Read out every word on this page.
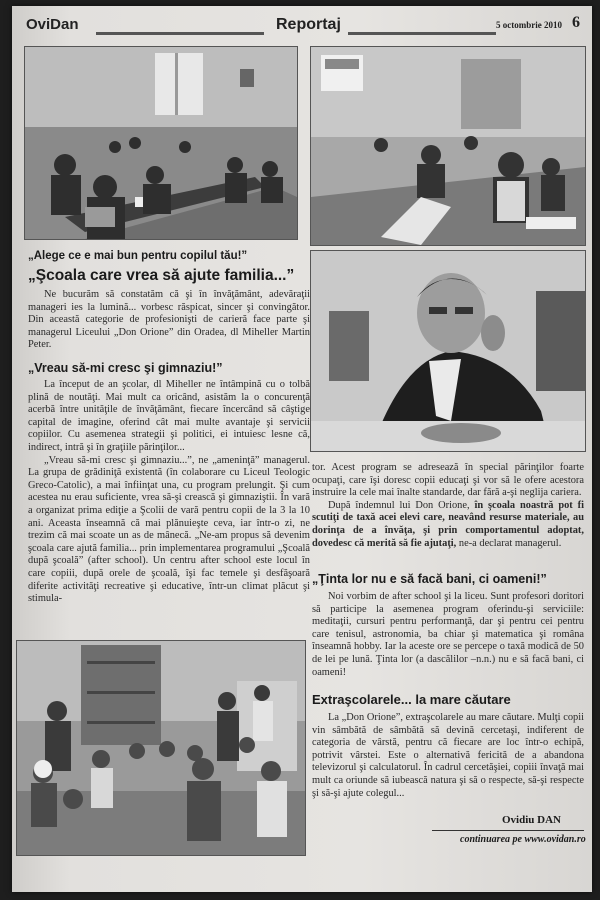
OviDan	Reportaj	5 octombrie 2010 6
„Alege ce e mai bun pentru copilul tău!”
„Şcoala care vrea să ajute familia...”

Ne bucurăm să constatăm că şi în învăţământ, adevăraţii manageri ies la lumină... vorbesc răspicat, sincer şi convingător. Din această categorie de profesionişti de carieră face parte şi managerul Liceului „Don Orione” din Oradea, dl Miheller Martin Peter.

„Vreau să-mi cresc şi gimnaziu!”

La început de an şcolar, dl Miheller ne întâmpină cu o tolbă plină de noutăţi. Mai mult ca oricând, asistăm la o concurenţă acerbă între unităţile de învăţământ, fiecare încercând să câştige capital de imagine, oferind cât mai multe avantaje şi servicii copiilor. Cu asemenea strategii şi politici, ei intuiesc lesne că, indirect, intră şi în graţiile părinţilor...

„Vreau să-mi cresc şi gimnaziu...”, ne „ameninţă” managerul. La grupa de grădiniţă existentă (în colaborare cu Liceul Teologic Greco-Catolic), a mai înfiinţat una, cu program prelungit. Şi cum acestea nu erau suficiente, vrea să-şi crească şi gimnaziştii. În vară a organizat prima ediţie a Şcolii de vară pentru copii de la 3 la 10 ani. Aceasta înseamnă că mai plănuieşte ceva, iar într-o zi, ne trezim că mai scoate un as de mânecă. „Ne-am propus să devenim şcoala care ajută familia... prin implementarea programului „Şcoală după şcoală” (after school). Un centru after school este locul în care copiii, după orele de şcoală, îşi fac temele şi desfăşoară diferite activităţi recreative şi educative, într-un climat plăcut şi stimula-

tor. Acest program se adresează în special părinţilor foarte ocupaţi, care îşi doresc copii educaţi şi vor să le ofere acestora instruire la cele mai înalte standarde, dar fără a-şi neglija cariera.

După îndemnul lui Don Orione, în şcoala noastră pot fi scutiţi de taxă acei elevi care, neavând resurse materiale, au dorinţa de a învăţa, şi prin comportamentul adoptat, dovedesc că merită să fie ajutaţi, ne-a declarat managerul.

„Ţinta lor nu e să facă bani, ci oameni!”

Noi vorbim de after school şi la liceu. Sunt profesori doritori să participe la asemenea program oferindu-şi serviciile: meditaţii, cursuri pentru performanţă, dar şi pentru cei pentru care tenisul, astronomia, ba chiar şi matematica şi româna înseamnă hobby. Iar la aceste ore se percepe o taxă modică de 50 de lei pe lună. Ţinta lor (a dascălilor –n.n.) nu e să facă bani, ci oameni!

Extraşcolarele... la mare căutare

La „Don Orione”, extraşcolarele au mare căutare. Mulţi copii vin sâmbătă de sâmbătă să devină cercetaşi, indiferent de categoria de vârstă, pentru că fiecare are loc într-o echipă, potrivit vârstei. Este o alternativă fericită de a abandona televizorul şi calculatorul. În cadrul cercetăşiei, copiii învaţă mai mult ca oriunde să iubească natura şi să o respecte, să-şi respecte şi să-şi ajute colegul...

Ovidiu DAN
continuarea pe www.ovidan.ro
